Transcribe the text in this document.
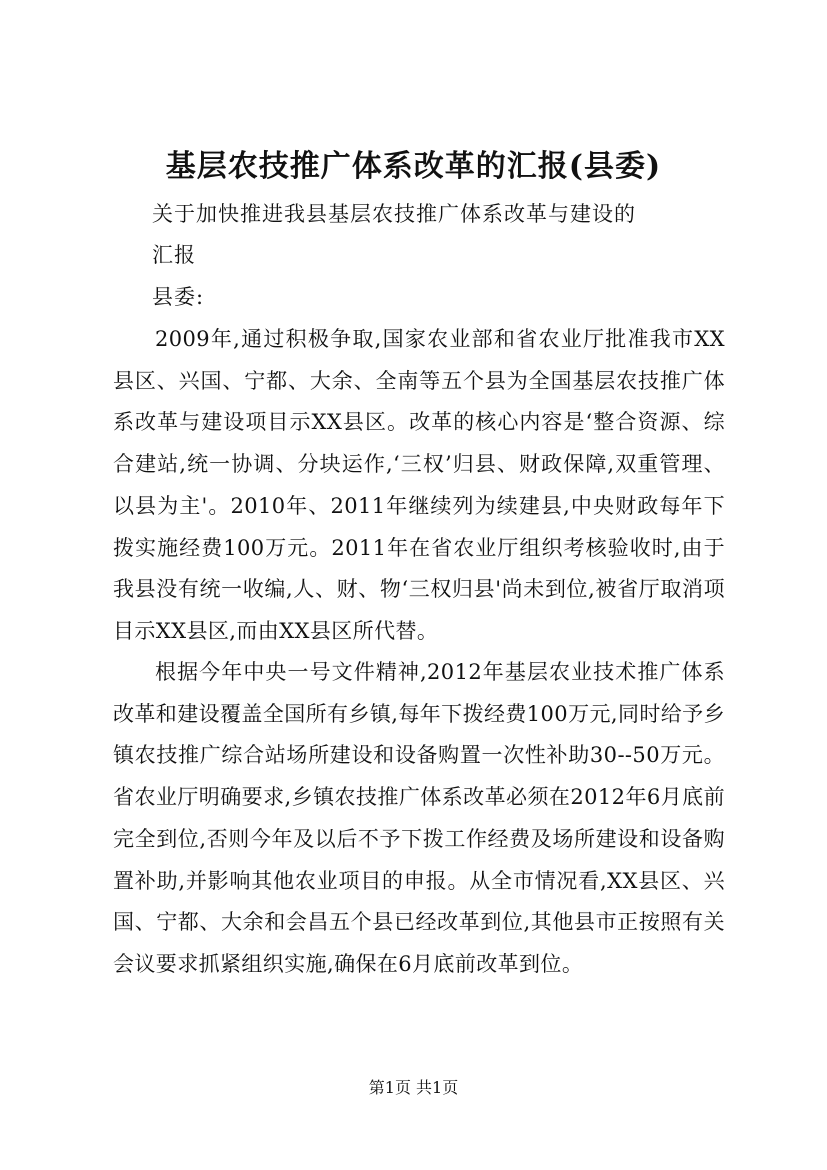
基层农技推广体系改革的汇报(县委)
关于加快推进我县基层农技推广体系改革与建设的
汇报
县委:

2009年,通过积极争取,国家农业部和省农业厅批准我市XX县区、兴国、宁都、大余、全南等五个县为全国基层农技推广体系改革与建设项目示XX县区。改革的核心内容是‘整合资源、综合建站,统一协调、分块运作,‘三权’归县、财政保障,双重管理、以县为主'。2010年、2011年继续列为续建县,中央财政每年下拨实施经费100万元。2011年在省农业厅组织考核验收时,由于我县没有统一收编,人、财、物‘三权归县'尚未到位,被省厅取消项目示XX县区,而由XX县区所代替。

根据今年中央一号文件精神,2012年基层农业技术推广体系改革和建设覆盖全国所有乡镇,每年下拨经费100万元,同时给予乡镇农技推广综合站场所建设和设备购置一次性补助30--50万元。省农业厅明确要求,乡镇农技推广体系改革必须在2012年6月底前完全到位,否则今年及以后不予下拨工作经费及场所建设和设备购置补助,并影响其他农业项目的申报。从全市情况看,XX县区、兴国、宁都、大余和会昌五个县已经改革到位,其他县市正按照有关会议要求抓紧组织实施,确保在6月底前改革到位。

第1页 共1页
